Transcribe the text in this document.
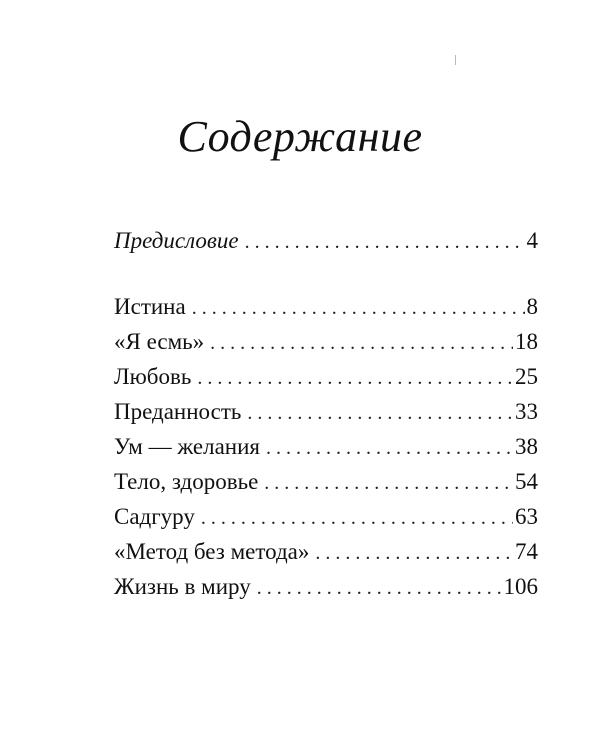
Содержание
Предисловие . . .	4
Истина . . .	8
«Я есмь» . . .	18
Любовь . . .	25
Преданность . . .	33
Ум — желания . . .	38
Тело, здоровье . . .	54
Садгуру . . .	63
«Метод без метода» . . .	74
Жизнь в миру . . .	106
